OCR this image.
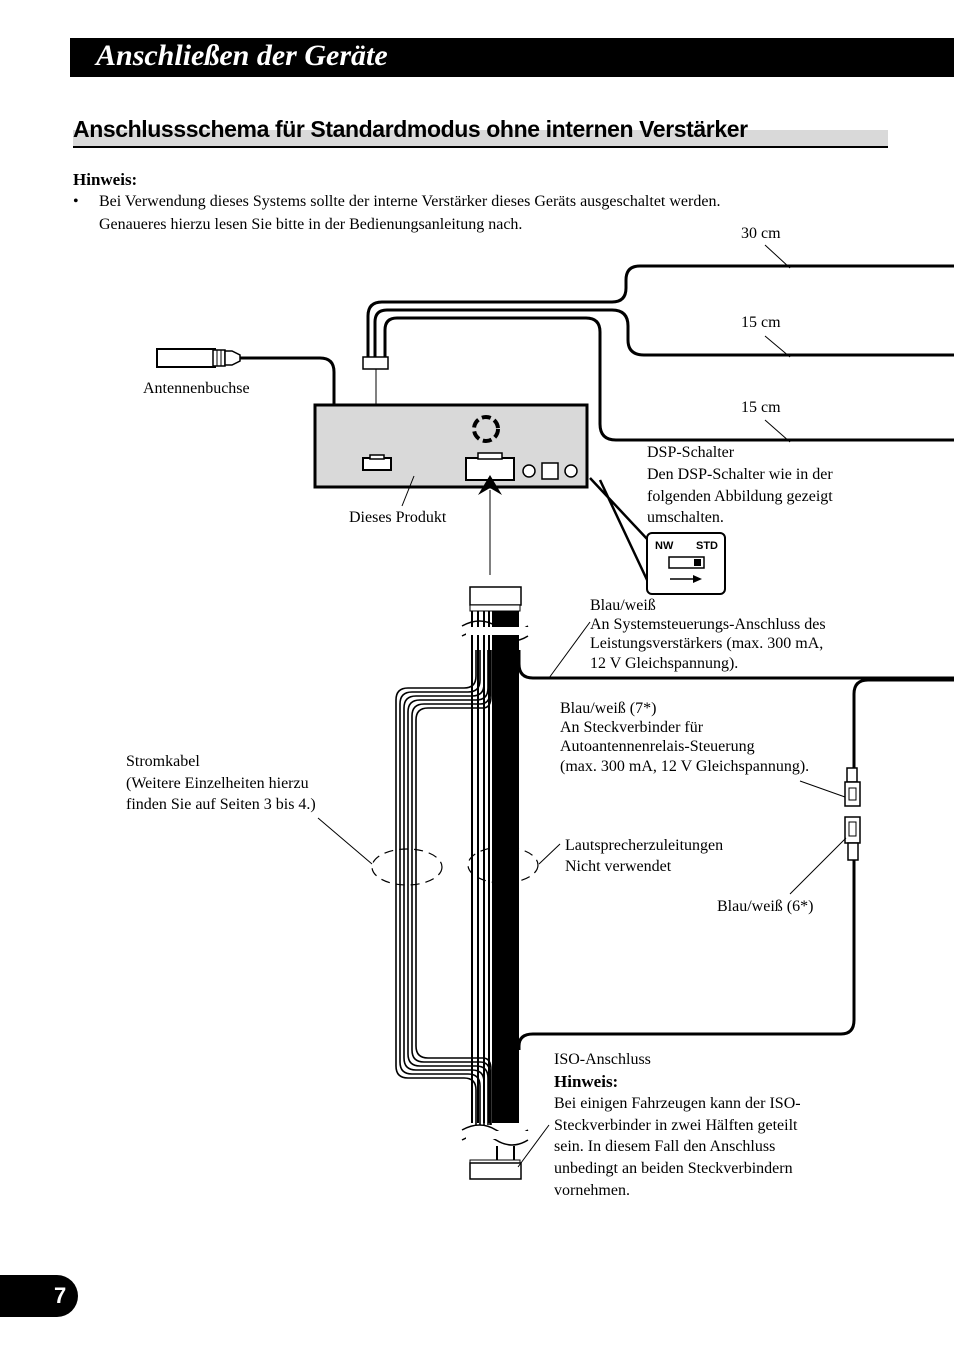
Anschließen der Geräte
Anschlussschema für Standardmodus ohne internen Verstärker
Hinweis:
• Bei Verwendung dieses Systems sollte der interne Verstärker dieses Geräts ausgeschaltet werden.
Genaueres hierzu lesen Sie bitte in der Bedienungsanleitung nach.
30 cm
15 cm
15 cm
Antennenbuchse
Dieses Produkt
DSP-Schalter
Den DSP-Schalter wie in der
folgenden Abbildung gezeigt
umschalten.
NW STD
Blau/weiß
An Systemsteuerungs-Anschluss des
Leistungsverstärkers (max. 300 mA,
12 V Gleichspannung).
Blau/weiß (7*)
An Steckverbinder für
Autoantennenrelais-Steuerung
(max. 300 mA, 12 V Gleichspannung).
Stromkabel
(Weitere Einzelheiten hierzu
finden Sie auf Seiten 3 bis 4.)
Lautsprecherzuleitungen
Nicht verwendet
Blau/weiß (6*)
ISO-Anschluss
Hinweis:
Bei einigen Fahrzeugen kann der ISO-
Steckverbinder in zwei Hälften geteilt
sein. In diesem Fall den Anschluss
unbedingt an beiden Steckverbindern
vornehmen.
7
